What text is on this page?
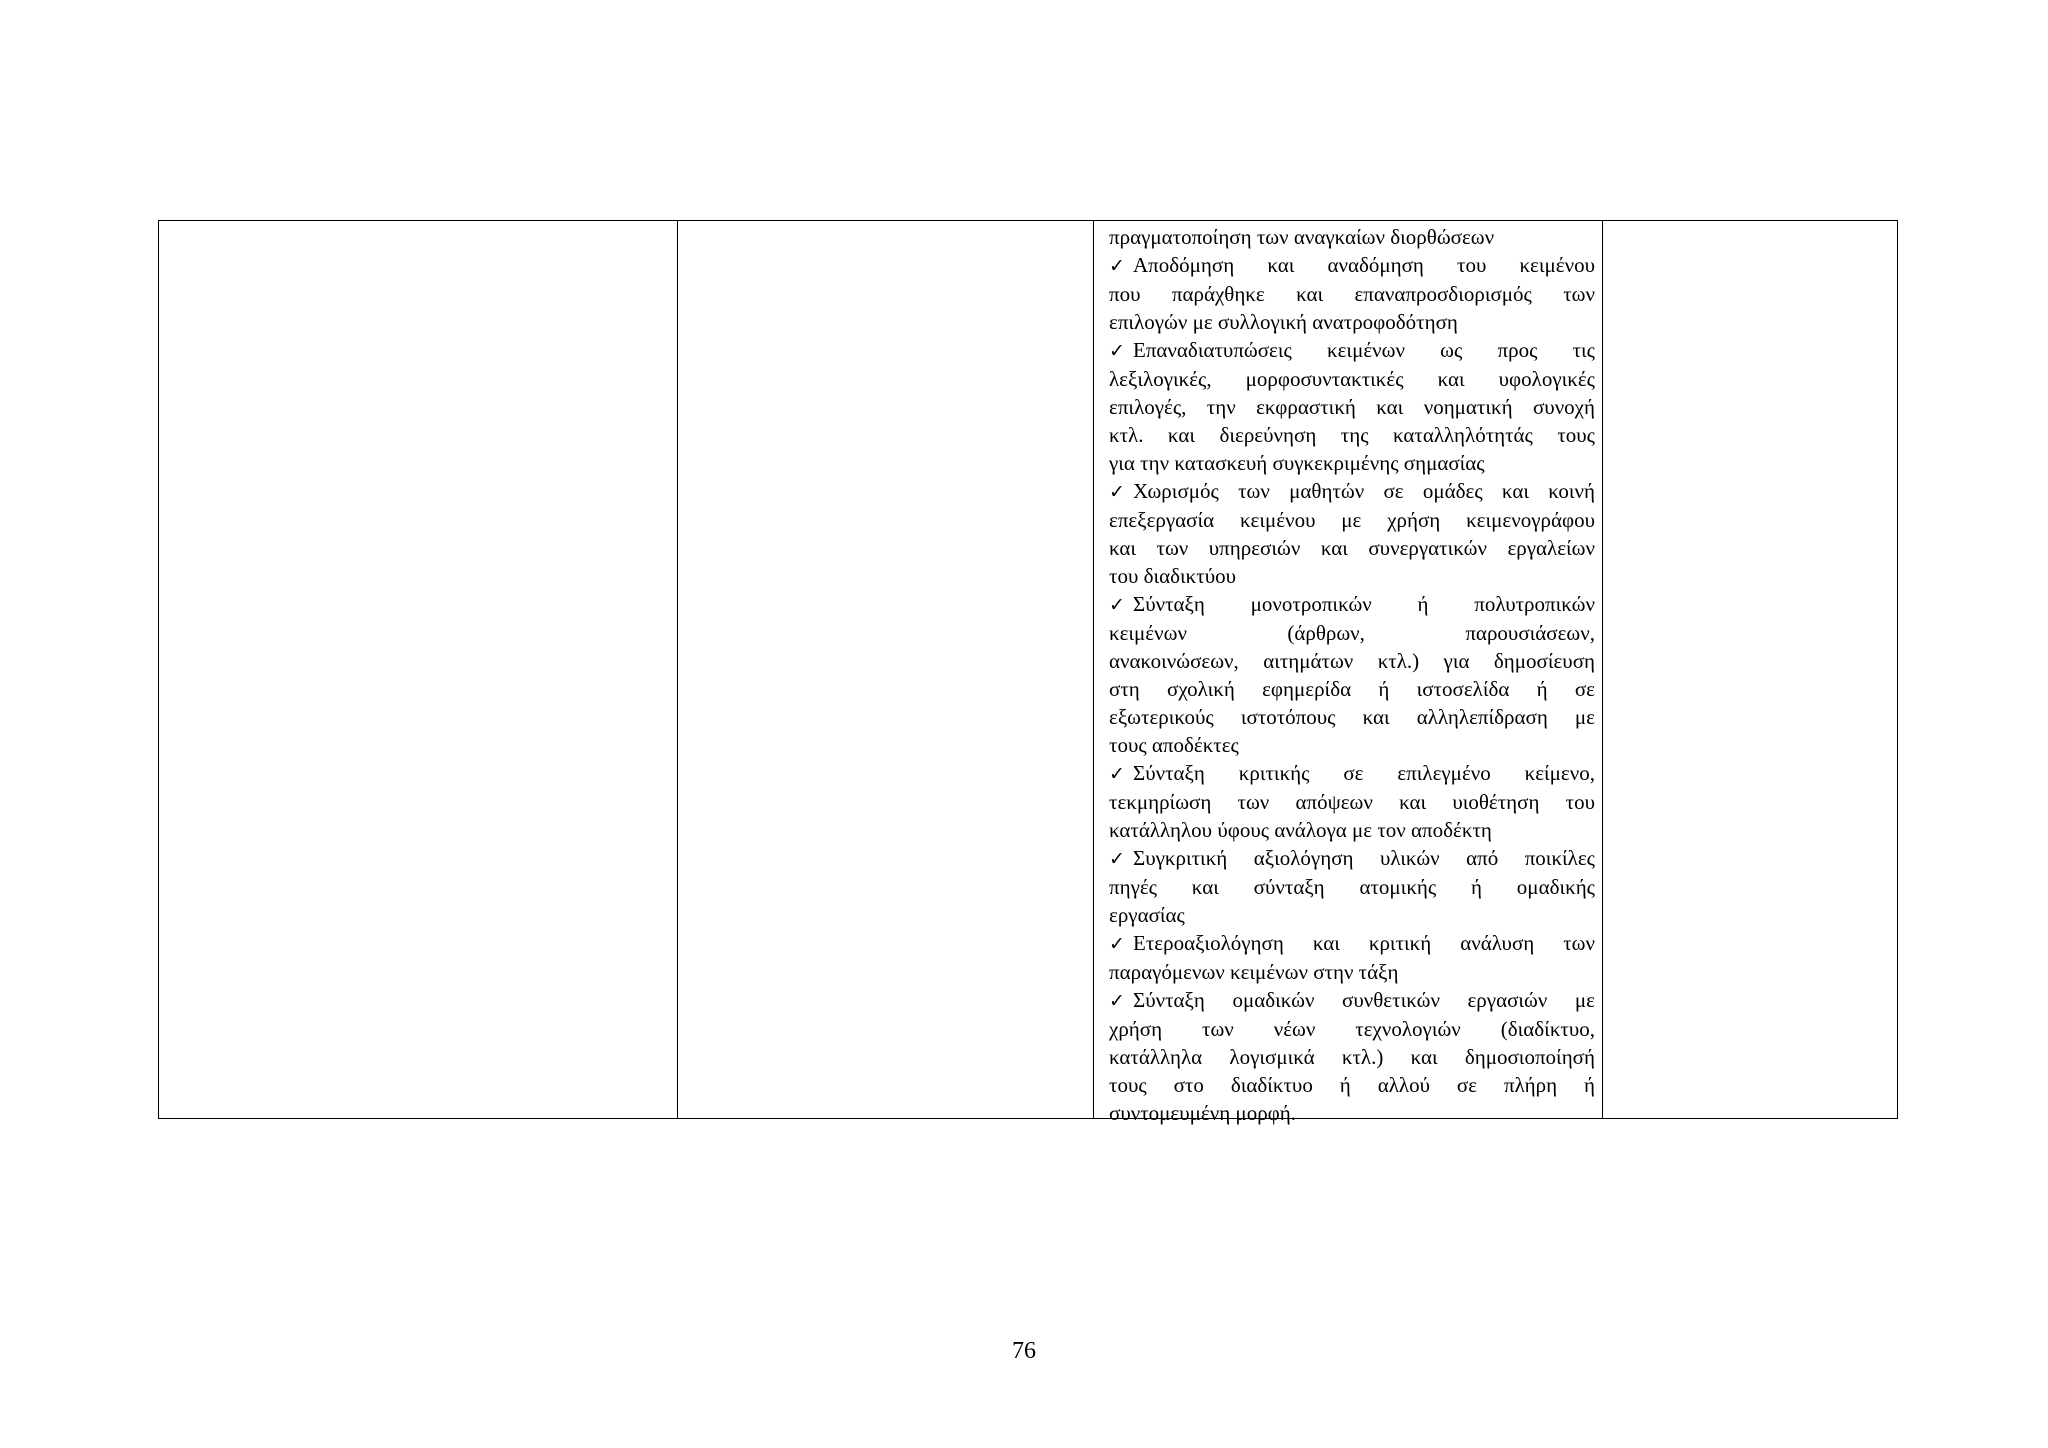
πραγματοποίηση των αναγκαίων διορθώσεων

✓ Αποδόμηση και αναδόμηση του κειμένου

που παράχθηκε και επαναπροσδιορισμός των

επιλογών με συλλογική ανατροφοδότηση

✓ Επαναδιατυπώσεις κειμένων ως προς τις

λεξιλογικές, μορφοσυντακτικές και υφολογικές

επιλογές, την εκφραστική και νοηματική συνοχή

κτλ. και διερεύνηση της καταλληλότητάς τους

για την κατασκευή συγκεκριμένης σημασίας

✓ Χωρισμός των μαθητών σε ομάδες και κοινή

επεξεργασία κειμένου με χρήση κειμενογράφου

και των υπηρεσιών και συνεργατικών εργαλείων

του διαδικτύου

✓ Σύνταξη μονοτροπικών ή πολυτροπικών

κειμένων (άρθρων, παρουσιάσεων,

ανακοινώσεων, αιτημάτων κτλ.) για δημοσίευση

στη σχολική εφημερίδα ή ιστοσελίδα ή σε

εξωτερικούς ιστοτόπους και αλληλεπίδραση με

τους αποδέκτες

✓ Σύνταξη κριτικής σε επιλεγμένο κείμενο,

τεκμηρίωση των απόψεων και υιοθέτηση του

κατάλληλου ύφους ανάλογα με τον αποδέκτη

✓ Συγκριτική αξιολόγηση υλικών από ποικίλες

πηγές και σύνταξη ατομικής ή ομαδικής

εργασίας

✓ Ετεροαξιολόγηση και κριτική ανάλυση των

παραγόμενων κειμένων στην τάξη

✓ Σύνταξη ομαδικών συνθετικών εργασιών με

χρήση των νέων τεχνολογιών (διαδίκτυο,

κατάλληλα λογισμικά κτλ.) και δημοσιοποίησή

τους στο διαδίκτυο ή αλλού σε πλήρη ή

συντομευμένη μορφή.

76
